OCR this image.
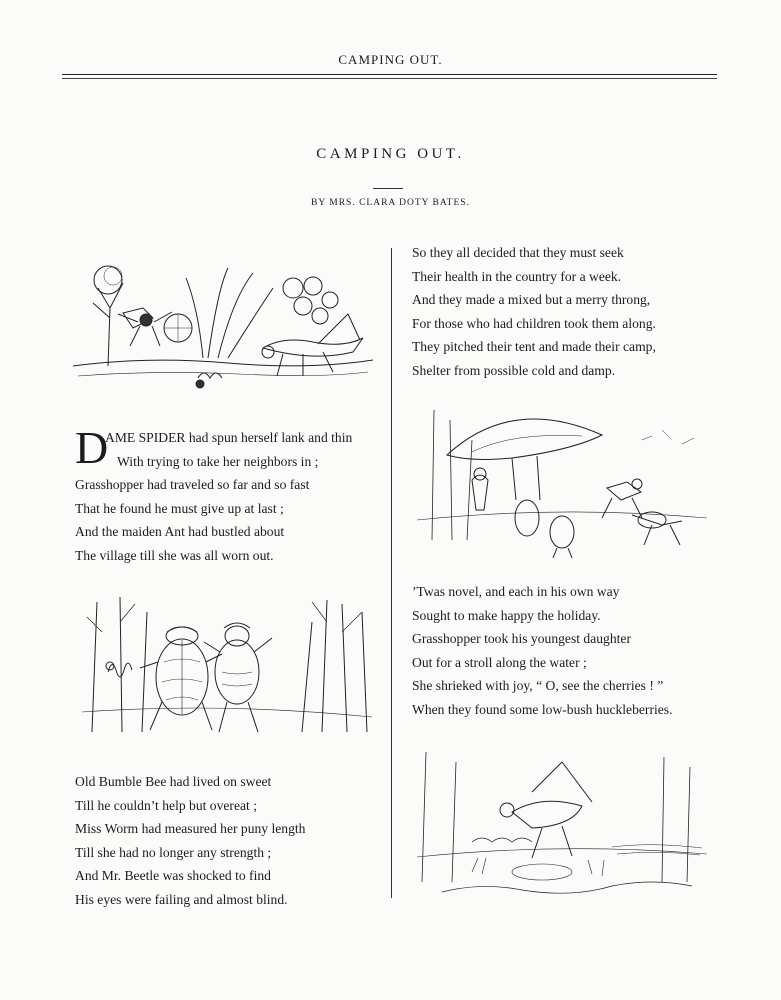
CAMPING OUT.
CAMPING OUT.
BY MRS. CLARA DOTY BATES.
D
AME SPIDER had spun herself lank and thin
With trying to take her neighbors in ;
Grasshopper had traveled so far and so fast
That he found he must give up at last ;
And the maiden Ant had bustled about
The village till she was all worn out.
Old Bumble Bee had lived on sweet
Till he couldn’t help but overeat ;
Miss Worm had measured her puny length
Till she had no longer any strength ;
And Mr. Beetle was shocked to find
His eyes were failing and almost blind.
So they all decided that they must seek
Their health in the country for a week.
And they made a mixed but a merry throng,
For those who had children took them along.
They pitched their tent and made their camp,
Shelter from possible cold and damp.
’Twas novel, and each in his own way
Sought to make happy the holiday.
Grasshopper took his youngest daughter
Out for a stroll along the water ;
She shrieked with joy, “ O, see the cherries ! ”
When they found some low-bush huckleberries.
